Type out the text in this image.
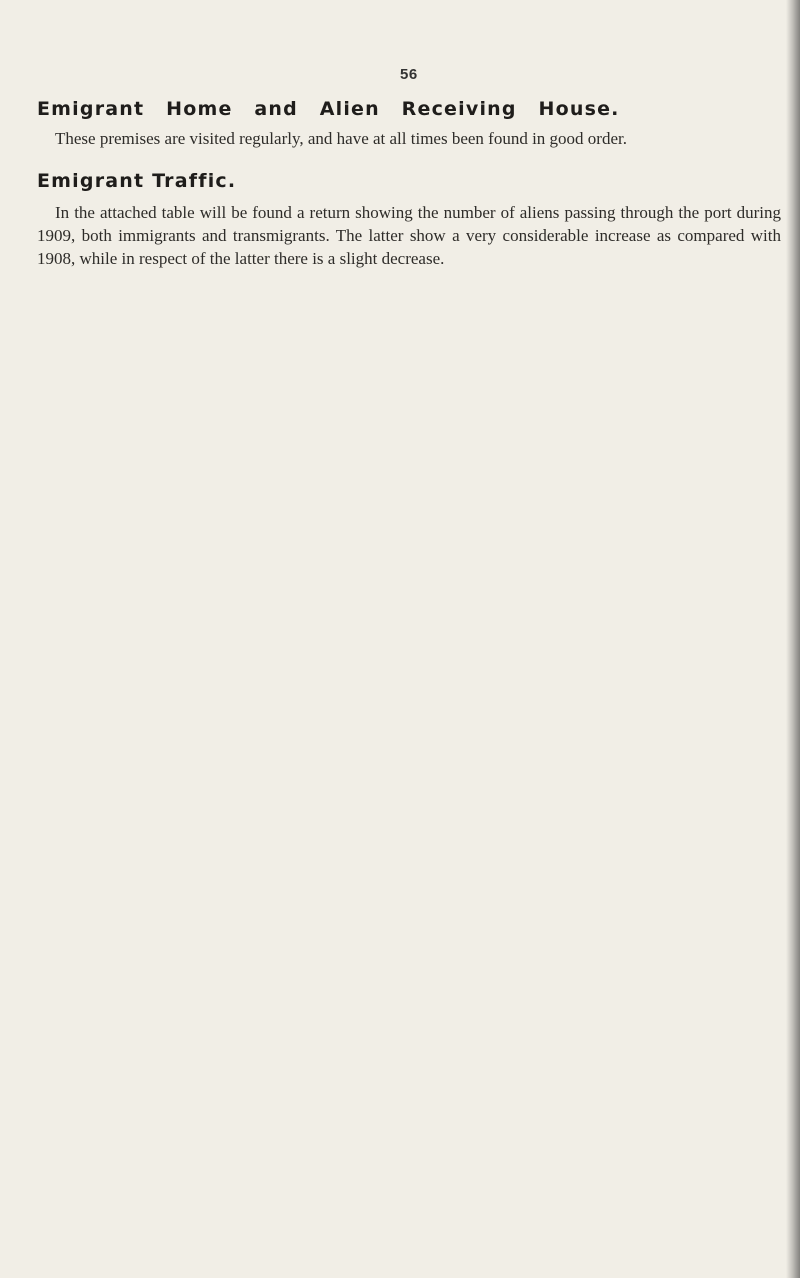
56
Emigrant Home and Alien Receiving House.

These premises are visited regularly, and have at all times been found in good order.

Emigrant Traffic.

In the attached table will be found a return showing the number of aliens passing through the port during 1909, both immigrants and transmigrants. The latter show a very considerable increase as compared with 1908, while in respect of the latter there is a slight decrease.
